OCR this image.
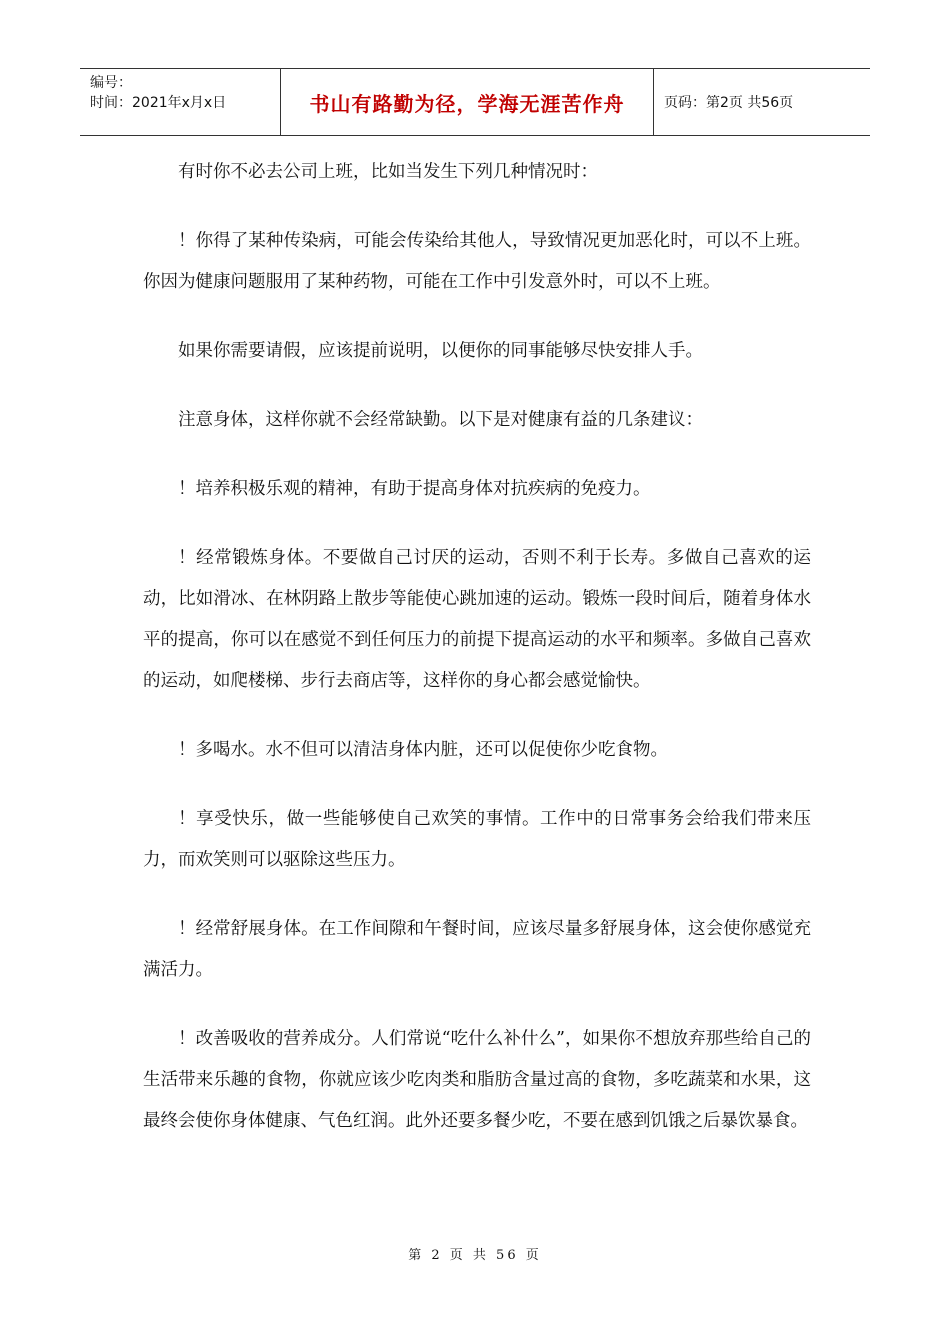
编号：
时间：2021年x月x日	书山有路勤为径，学海无涯苦作舟	页码：第2页 共56页

有时你不必去公司上班，比如当发生下列几种情况时：

！你得了某种传染病，可能会传染给其他人，导致情况更加恶化时，可以不上班。你因为健康问题服用了某种药物，可能在工作中引发意外时，可以不上班。

如果你需要请假，应该提前说明，以便你的同事能够尽快安排人手。

注意身体，这样你就不会经常缺勤。以下是对健康有益的几条建议：

！培养积极乐观的精神，有助于提高身体对抗疾病的免疫力。

！经常锻炼身体。不要做自己讨厌的运动，否则不利于长寿。多做自己喜欢的运动，比如滑冰、在林阴路上散步等能使心跳加速的运动。锻炼一段时间后，随着身体水平的提高，你可以在感觉不到任何压力的前提下提高运动的水平和频率。多做自己喜欢的运动，如爬楼梯、步行去商店等，这样你的身心都会感觉愉快。

！多喝水。水不但可以清洁身体内脏，还可以促使你少吃食物。

！享受快乐，做一些能够使自己欢笑的事情。工作中的日常事务会给我们带来压力，而欢笑则可以驱除这些压力。

！经常舒展身体。在工作间隙和午餐时间，应该尽量多舒展身体，这会使你感觉充满活力。

！改善吸收的营养成分。人们常说“吃什么补什么”，如果你不想放弃那些给自己的生活带来乐趣的食物，你就应该少吃肉类和脂肪含量过高的食物，多吃蔬菜和水果，这最终会使你身体健康、气色红润。此外还要多餐少吃，不要在感到饥饿之后暴饮暴食。

第 2 页 共 56 页
